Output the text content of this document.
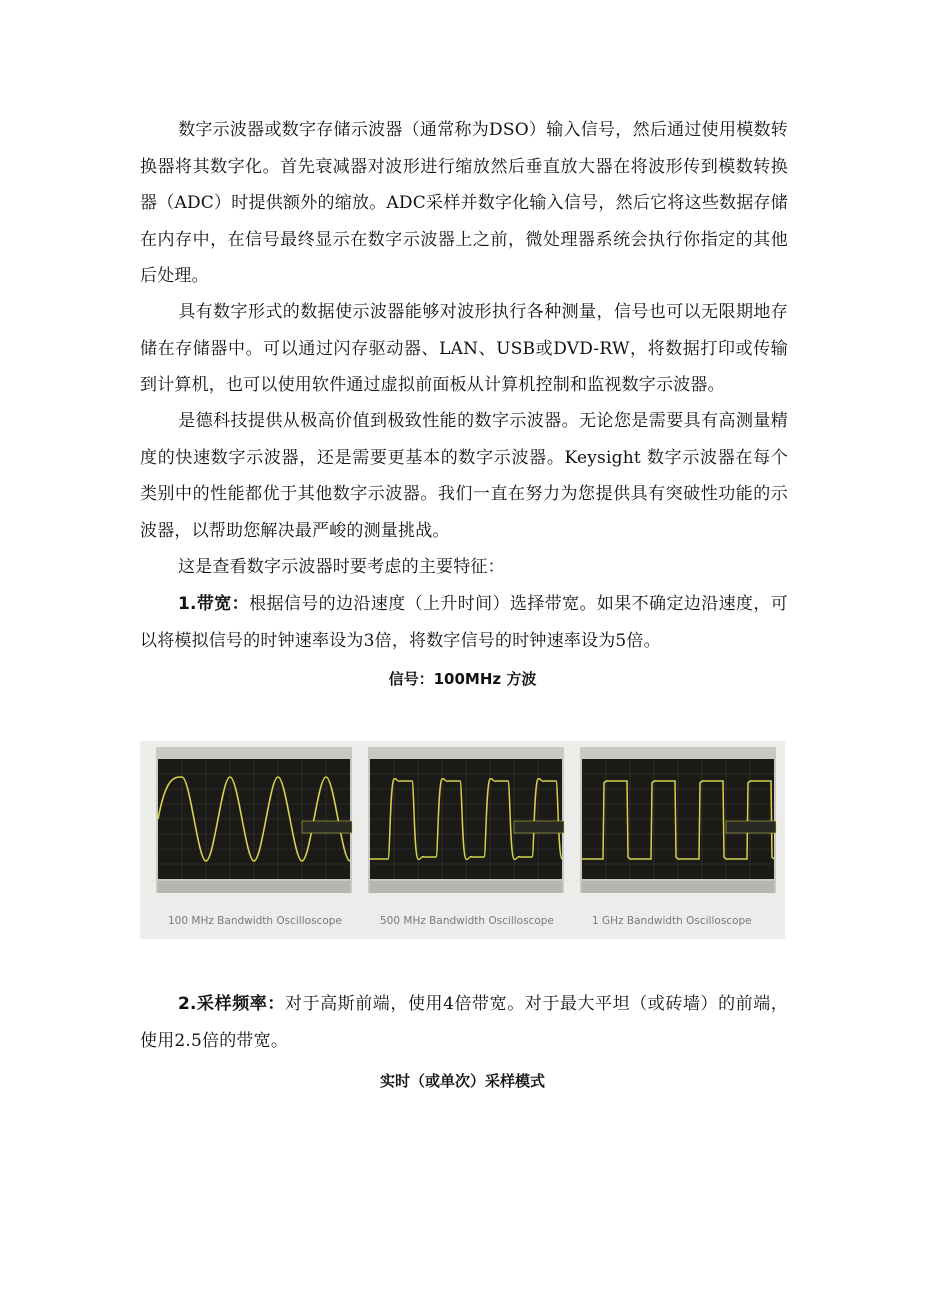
数字示波器或数字存储示波器（通常称为DSO）输入信号，然后通过使用模数转换器将其数字化。首先衰减器对波形进行缩放然后垂直放大器在将波形传到模数转换器（ADC）时提供额外的缩放。ADC采样并数字化输入信号，然后它将这些数据存储在内存中，在信号最终显示在数字示波器上之前，微处理器系统会执行你指定的其他后处理。

具有数字形式的数据使示波器能够对波形执行各种测量，信号也可以无限期地存储在存储器中。可以通过闪存驱动器、LAN、USB或DVD-RW，将数据打印或传输到计算机，也可以使用软件通过虚拟前面板从计算机控制和监视数字示波器。

是德科技提供从极高价值到极致性能的数字示波器。无论您是需要具有高测量精度的快速数字示波器，还是需要更基本的数字示波器。Keysight 数字示波器在每个类别中的性能都优于其他数字示波器。我们一直在努力为您提供具有突破性功能的示波器，以帮助您解决最严峻的测量挑战。

这是查看数字示波器时要考虑的主要特征：

1.带宽：根据信号的边沿速度（上升时间）选择带宽。如果不确定边沿速度，可以将模拟信号的时钟速率设为3倍，将数字信号的时钟速率设为5倍。

信号：100MHz 方波

100 MHz Bandwidth Oscilloscope	500 MHz Bandwidth Oscilloscope	1 GHz Bandwidth Oscilloscope

2.采样频率：对于高斯前端，使用4倍带宽。对于最大平坦（或砖墙）的前端，使用2.5倍的带宽。

实时（或单次）采样模式
